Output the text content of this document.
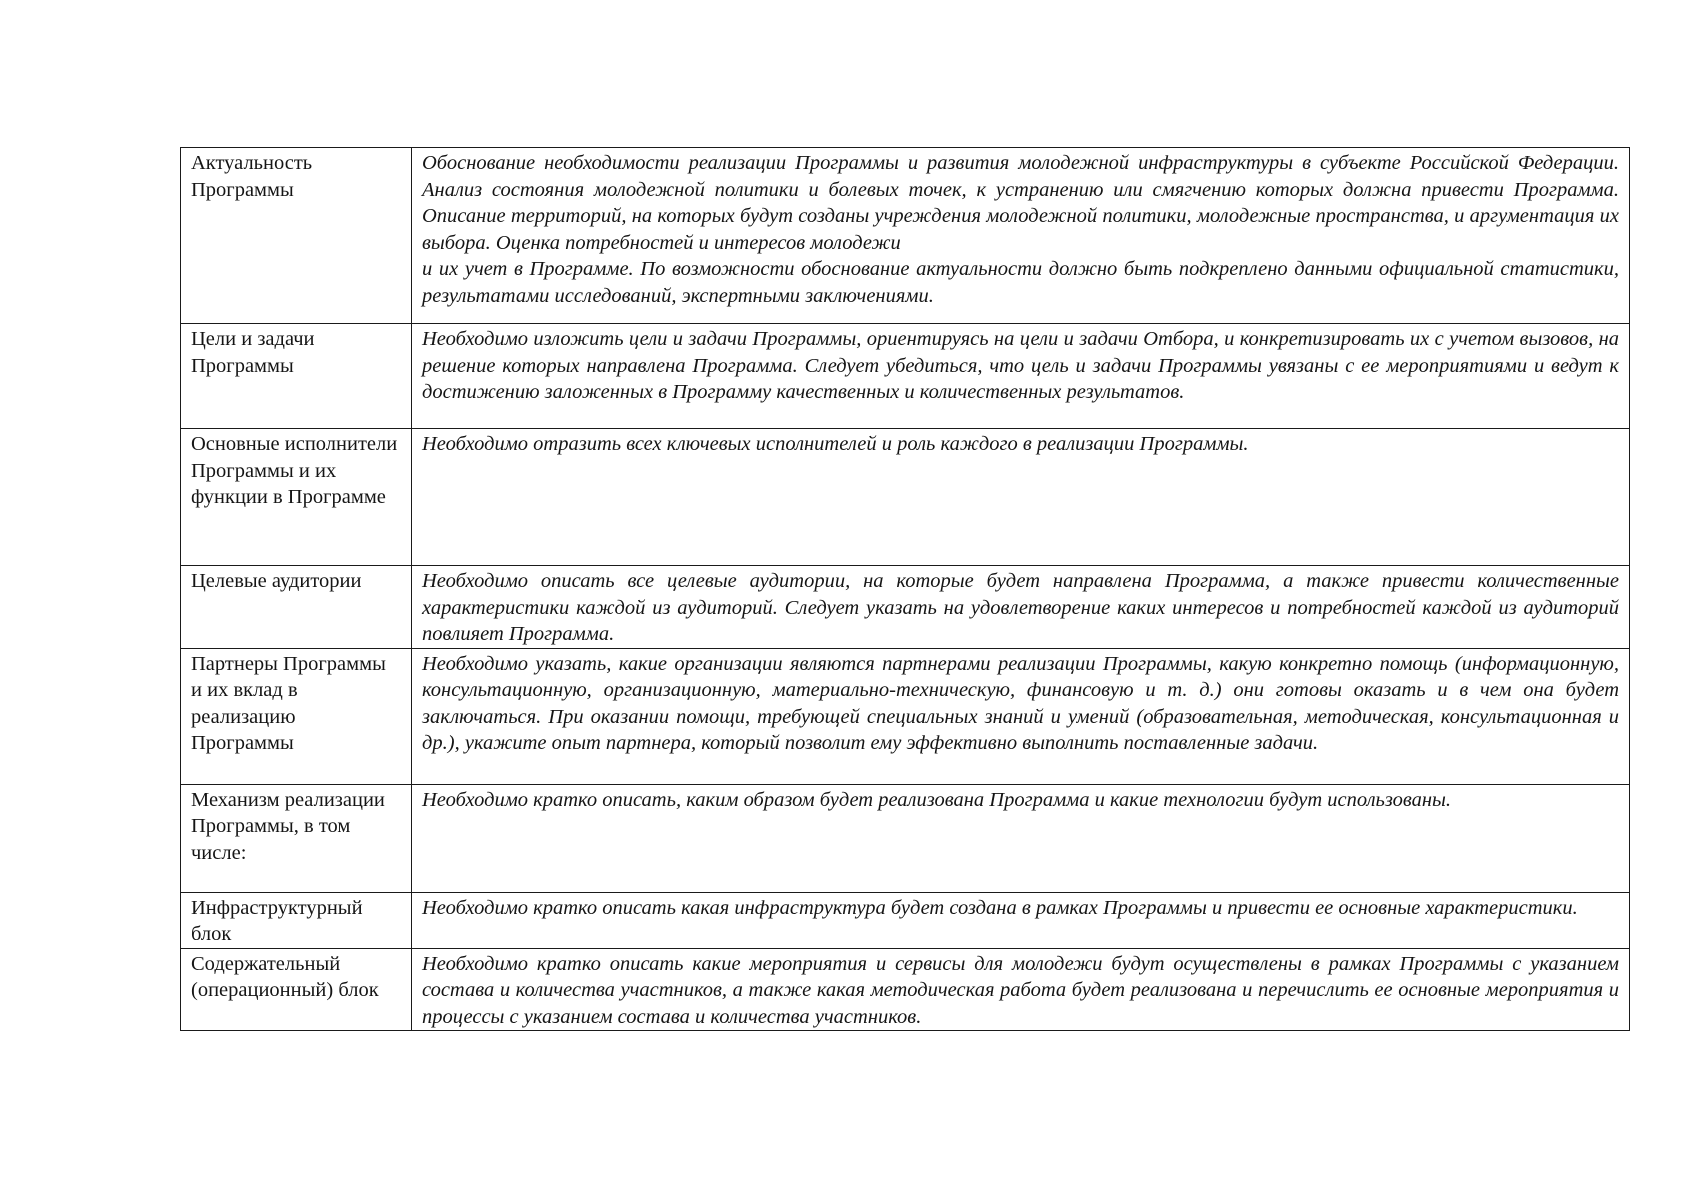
Актуальность Программы	Обоснование необходимости реализации Программы и развития молодежной инфраструктуры в субъекте Российской Федерации. Анализ состояния молодежной политики и болевых точек, к устранению или смягчению которых должна привести Программа. Описание территорий, на которых будут созданы учреждения молодежной политики, молодежные пространства, и аргументация их выбора. Оценка потребностей и интересов молодежи
и их учет в Программе. По возможности обоснование актуальности должно быть подкреплено данными официальной статистики, результатами исследований, экспертными заключениями.

Цели и задачи Программы	Необходимо изложить цели и задачи Программы, ориентируясь на цели и задачи Отбора, и конкретизировать их с учетом вызовов, на решение которых направлена Программа. Следует убедиться, что цель и задачи Программы увязаны с ее мероприятиями и ведут к достижению заложенных в Программу качественных и количественных результатов.
Основные исполнители Программы и их функции в Программе	Необходимо отразить всех ключевых исполнителей и роль каждого в реализации Программы.
Целевые аудитории	Необходимо описать все целевые аудитории, на которые будет направлена Программа, а также привести количественные характеристики каждой из аудиторий. Следует указать на удовлетворение каких интересов и потребностей каждой из аудиторий повлияет Программа.
Партнеры Программы и их вклад в реализацию Программы	Необходимо указать, какие организации являются партнерами реализации Программы, какую конкретно помощь (информационную, консультационную, организационную, материально-техническую, финансовую и т. д.) они готовы оказать и в чем она будет заключаться. При оказании помощи, требующей специальных знаний и умений (образовательная, методическая, консультационная и др.), укажите опыт партнера, который позволит ему эффективно выполнить поставленные задачи.
Механизм реализации Программы, в том числе:	Необходимо кратко описать, каким образом будет реализована Программа и какие технологии будут использованы.
Инфраструктурный блок	Необходимо кратко описать какая инфраструктура будет создана в рамках Программы и привести ее основные характеристики.
Содержательный (операционный) блок	Необходимо кратко описать какие мероприятия и сервисы для молодежи будут осуществлены в рамках Программы с указанием состава и количества участников, а также какая методическая работа будет реализована и перечислить ее основные мероприятия и процессы с указанием состава и количества участников.
